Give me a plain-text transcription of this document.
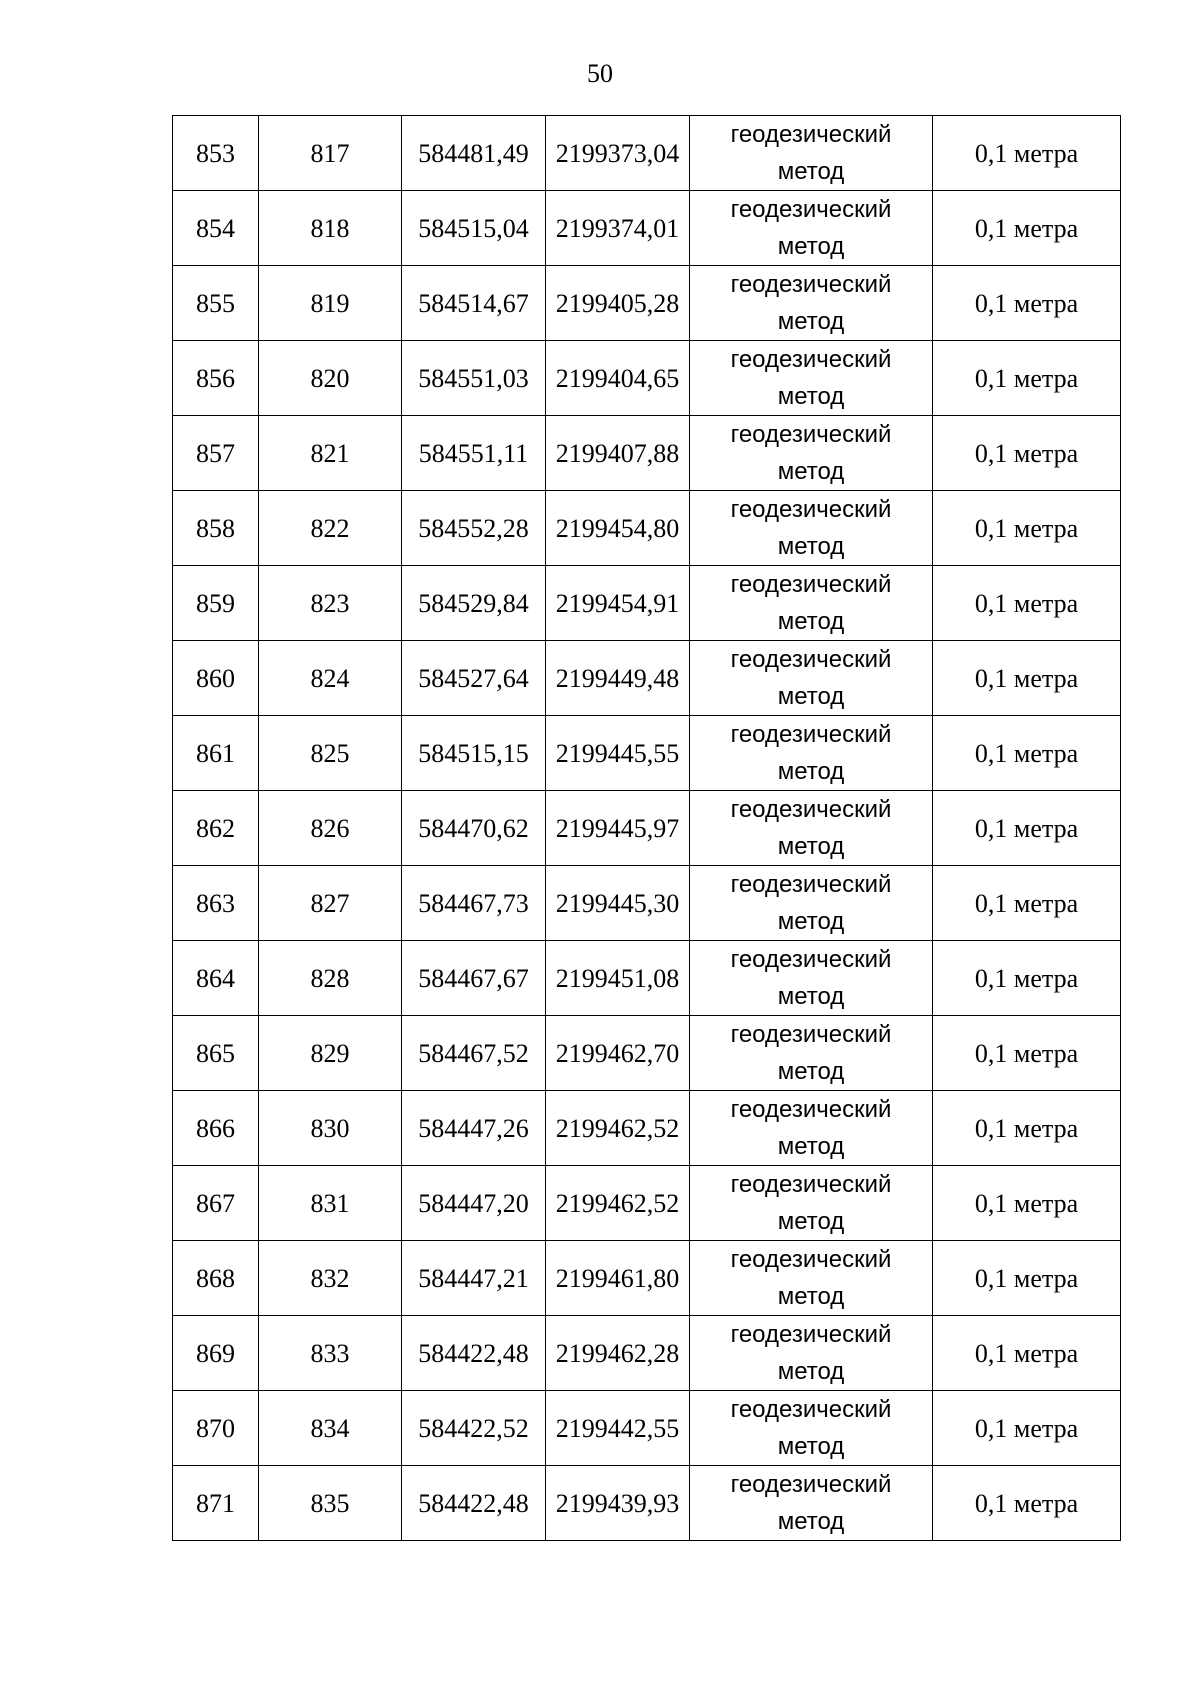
50
853	817	584481,49	2199373,04	геодезический
метод	0,1 метра
854	818	584515,04	2199374,01	геодезический
метод	0,1 метра
855	819	584514,67	2199405,28	геодезический
метод	0,1 метра
856	820	584551,03	2199404,65	геодезический
метод	0,1 метра
857	821	584551,11	2199407,88	геодезический
метод	0,1 метра
858	822	584552,28	2199454,80	геодезический
метод	0,1 метра
859	823	584529,84	2199454,91	геодезический
метод	0,1 метра
860	824	584527,64	2199449,48	геодезический
метод	0,1 метра
861	825	584515,15	2199445,55	геодезический
метод	0,1 метра
862	826	584470,62	2199445,97	геодезический
метод	0,1 метра
863	827	584467,73	2199445,30	геодезический
метод	0,1 метра
864	828	584467,67	2199451,08	геодезический
метод	0,1 метра
865	829	584467,52	2199462,70	геодезический
метод	0,1 метра
866	830	584447,26	2199462,52	геодезический
метод	0,1 метра
867	831	584447,20	2199462,52	геодезический
метод	0,1 метра
868	832	584447,21	2199461,80	геодезический
метод	0,1 метра
869	833	584422,48	2199462,28	геодезический
метод	0,1 метра
870	834	584422,52	2199442,55	геодезический
метод	0,1 метра
871	835	584422,48	2199439,93	геодезический
метод	0,1 метра
